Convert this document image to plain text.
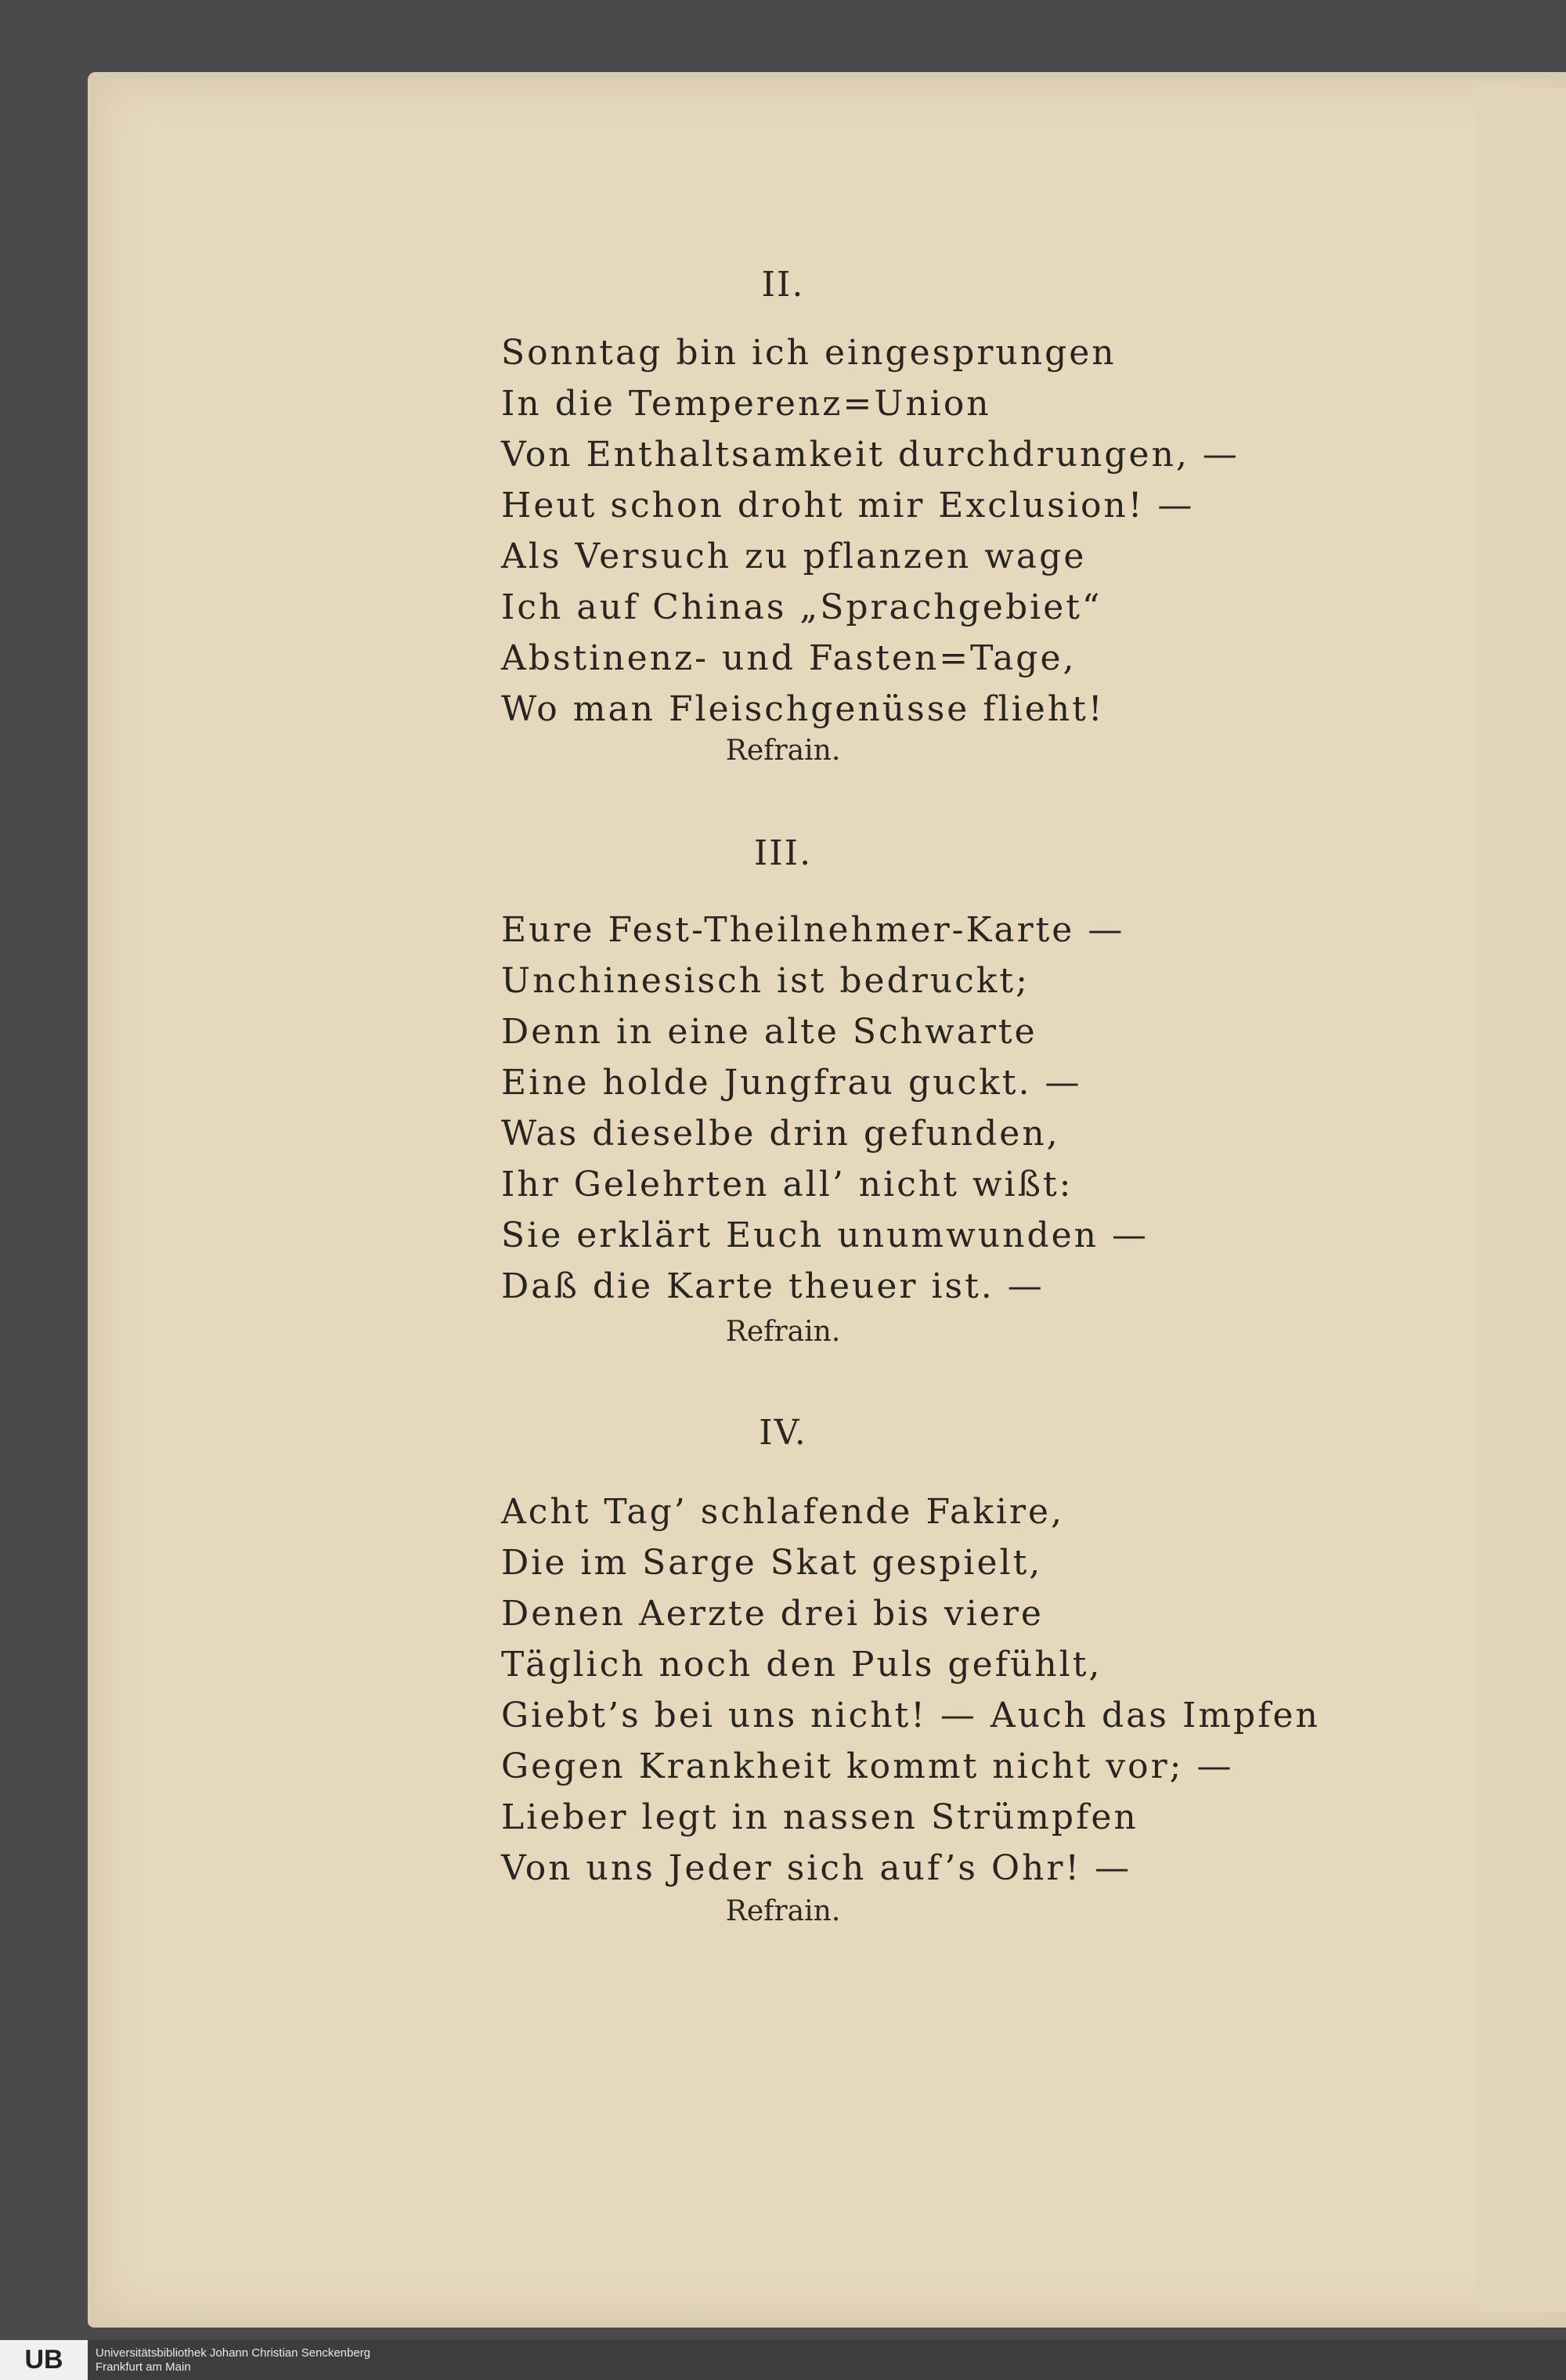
II.
Sonntag bin ich eingesprungen
In die Temperenz=Union
Von Enthaltsamkeit durchdrungen, —
Heut schon droht mir Exclusion! —
Als Versuch zu pflanzen wage
Ich auf Chinas „Sprachgebiet“
Abstinenz- und Fasten=Tage,
Wo man Fleischgenüsse flieht!
Refrain.
III.
Eure Fest-Theilnehmer-Karte —
Unchinesisch ist bedruckt;
Denn in eine alte Schwarte
Eine holde Jungfrau guckt. —
Was dieselbe drin gefunden,
Ihr Gelehrten all’ nicht wißt:
Sie erklärt Euch unumwunden —
Daß die Karte theuer ist. —
Refrain.
IV.
Acht Tag’ schlafende Fakire,
Die im Sarge Skat gespielt,
Denen Aerzte drei bis viere
Täglich noch den Puls gefühlt,
Giebt’s bei uns nicht! — Auch das Impfen
Gegen Krankheit kommt nicht vor; —
Lieber legt in nassen Strümpfen
Von uns Jeder sich auf’s Ohr! —
Refrain.
UB	Universitätsbibliothek Johann Christian Senckenberg
Frankfurt am Main
